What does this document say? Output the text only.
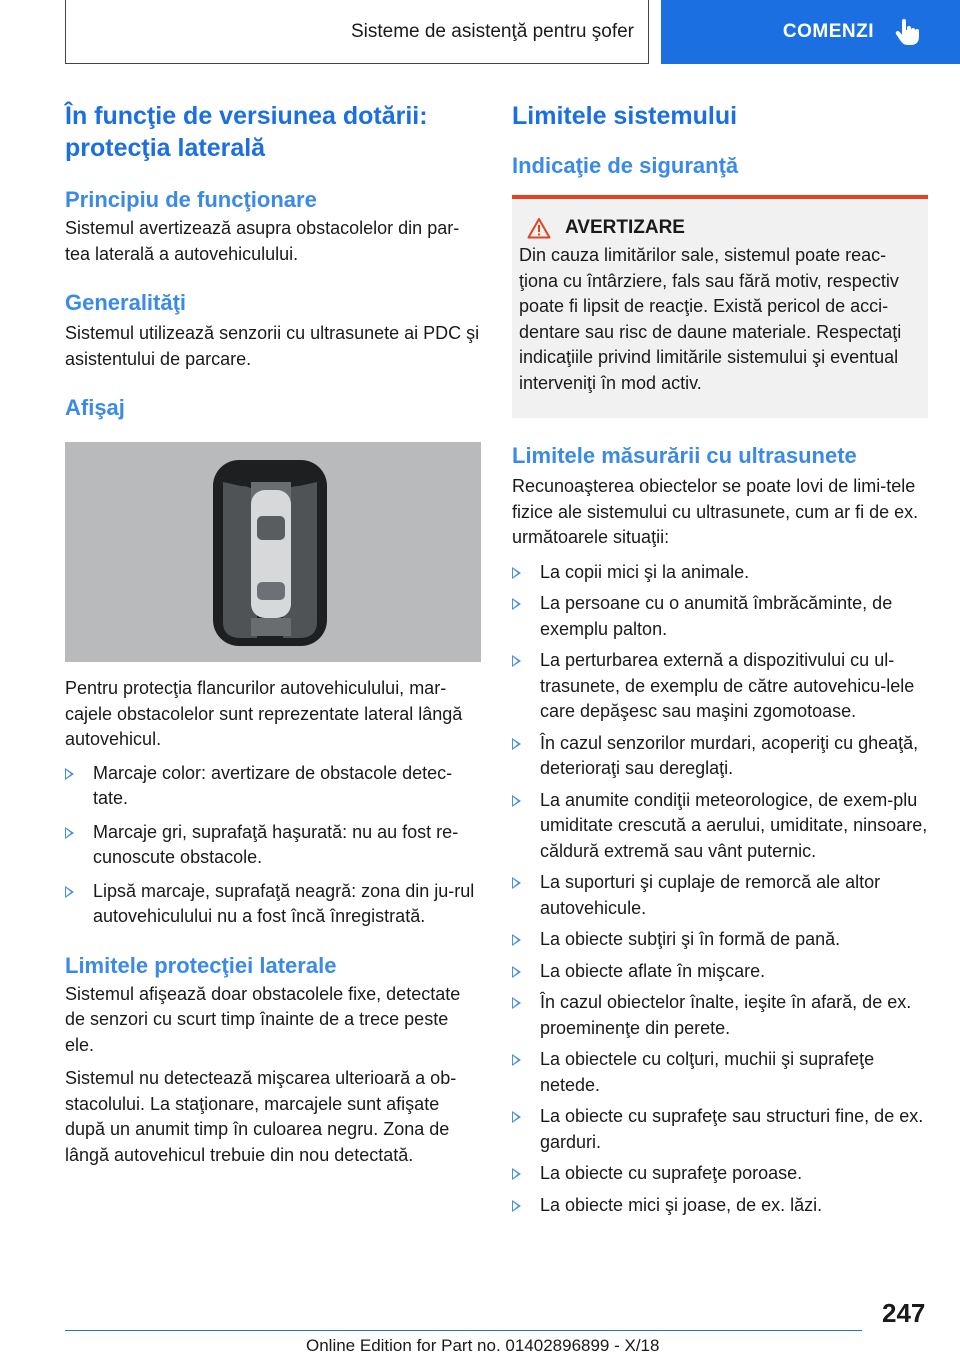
Sisteme de asistenţă pentru şofer	COMENZI
În funcţie de versiunea dotării: protecţia laterală
Principiu de funcţionare

Sistemul avertizează asupra obstacolelor din par-tea laterală a autovehiculului.

Generalităţi

Sistemul utilizează senzorii cu ultrasunete ai PDC şi asistentului de parcare.

Afişaj

Pentru protecţia flancurilor autovehiculului, mar-cajele obstacolelor sunt reprezentate lateral lângă autovehicul.

Marcaje color: avertizare de obstacole detec-tate.
Marcaje gri, suprafaţă haşurată: nu au fost re-cunoscute obstacole.
Lipsă marcaje, suprafaţă neagră: zona din ju-rul autovehiculului nu a fost încă înregistrată.
Limitele protecţiei laterale

Sistemul afişează doar obstacolele fixe, detectate de senzori cu scurt timp înainte de a trece peste ele.

Sistemul nu detectează mişcarea ulterioară a ob-stacolului. La staţionare, marcajele sunt afişate după un anumit timp în culoarea negru. Zona de lângă autovehicul trebuie din nou detectată.

Limitele sistemului
Indicaţie de siguranţă
AVERTIZARE

Din cauza limitărilor sale, sistemul poate reac-ţiona cu întârziere, fals sau fără motiv, respectiv poate fi lipsit de reacţie. Există pericol de acci-dentare sau risc de daune materiale. Respectaţi indicaţiile privind limitările sistemului şi eventual interveniţi în mod activ.

Limitele măsurării cu ultrasunete

Recunoaşterea obiectelor se poate lovi de limi-tele fizice ale sistemului cu ultrasunete, cum ar fi de ex. următoarele situaţii:

La copii mici şi la animale.
La persoane cu o anumită îmbrăcăminte, de exemplu palton.
La perturbarea externă a dispozitivului cu ul-trasunete, de exemplu de către autovehicu-lele care depăşesc sau maşini zgomotoase.
În cazul senzorilor murdari, acoperiţi cu gheaţă, deterioraţi sau dereglaţi.
La anumite condiţii meteorologice, de exem-plu umiditate crescută a aerului, umiditate, ninsoare, căldură extremă sau vânt puternic.
La suporturi şi cuplaje de remorcă ale altor autovehicule.
La obiecte subţiri şi în formă de pană.
La obiecte aflate în mişcare.
În cazul obiectelor înalte, ieşite în afară, de ex. proeminenţe din perete.
La obiectele cu colţuri, muchii şi suprafeţe netede.
La obiecte cu suprafeţe sau structuri fine, de ex. garduri.
La obiecte cu suprafeţe poroase.
La obiecte mici şi joase, de ex. lăzi.
247
Online Edition for Part no. 01402896899 - X/18
